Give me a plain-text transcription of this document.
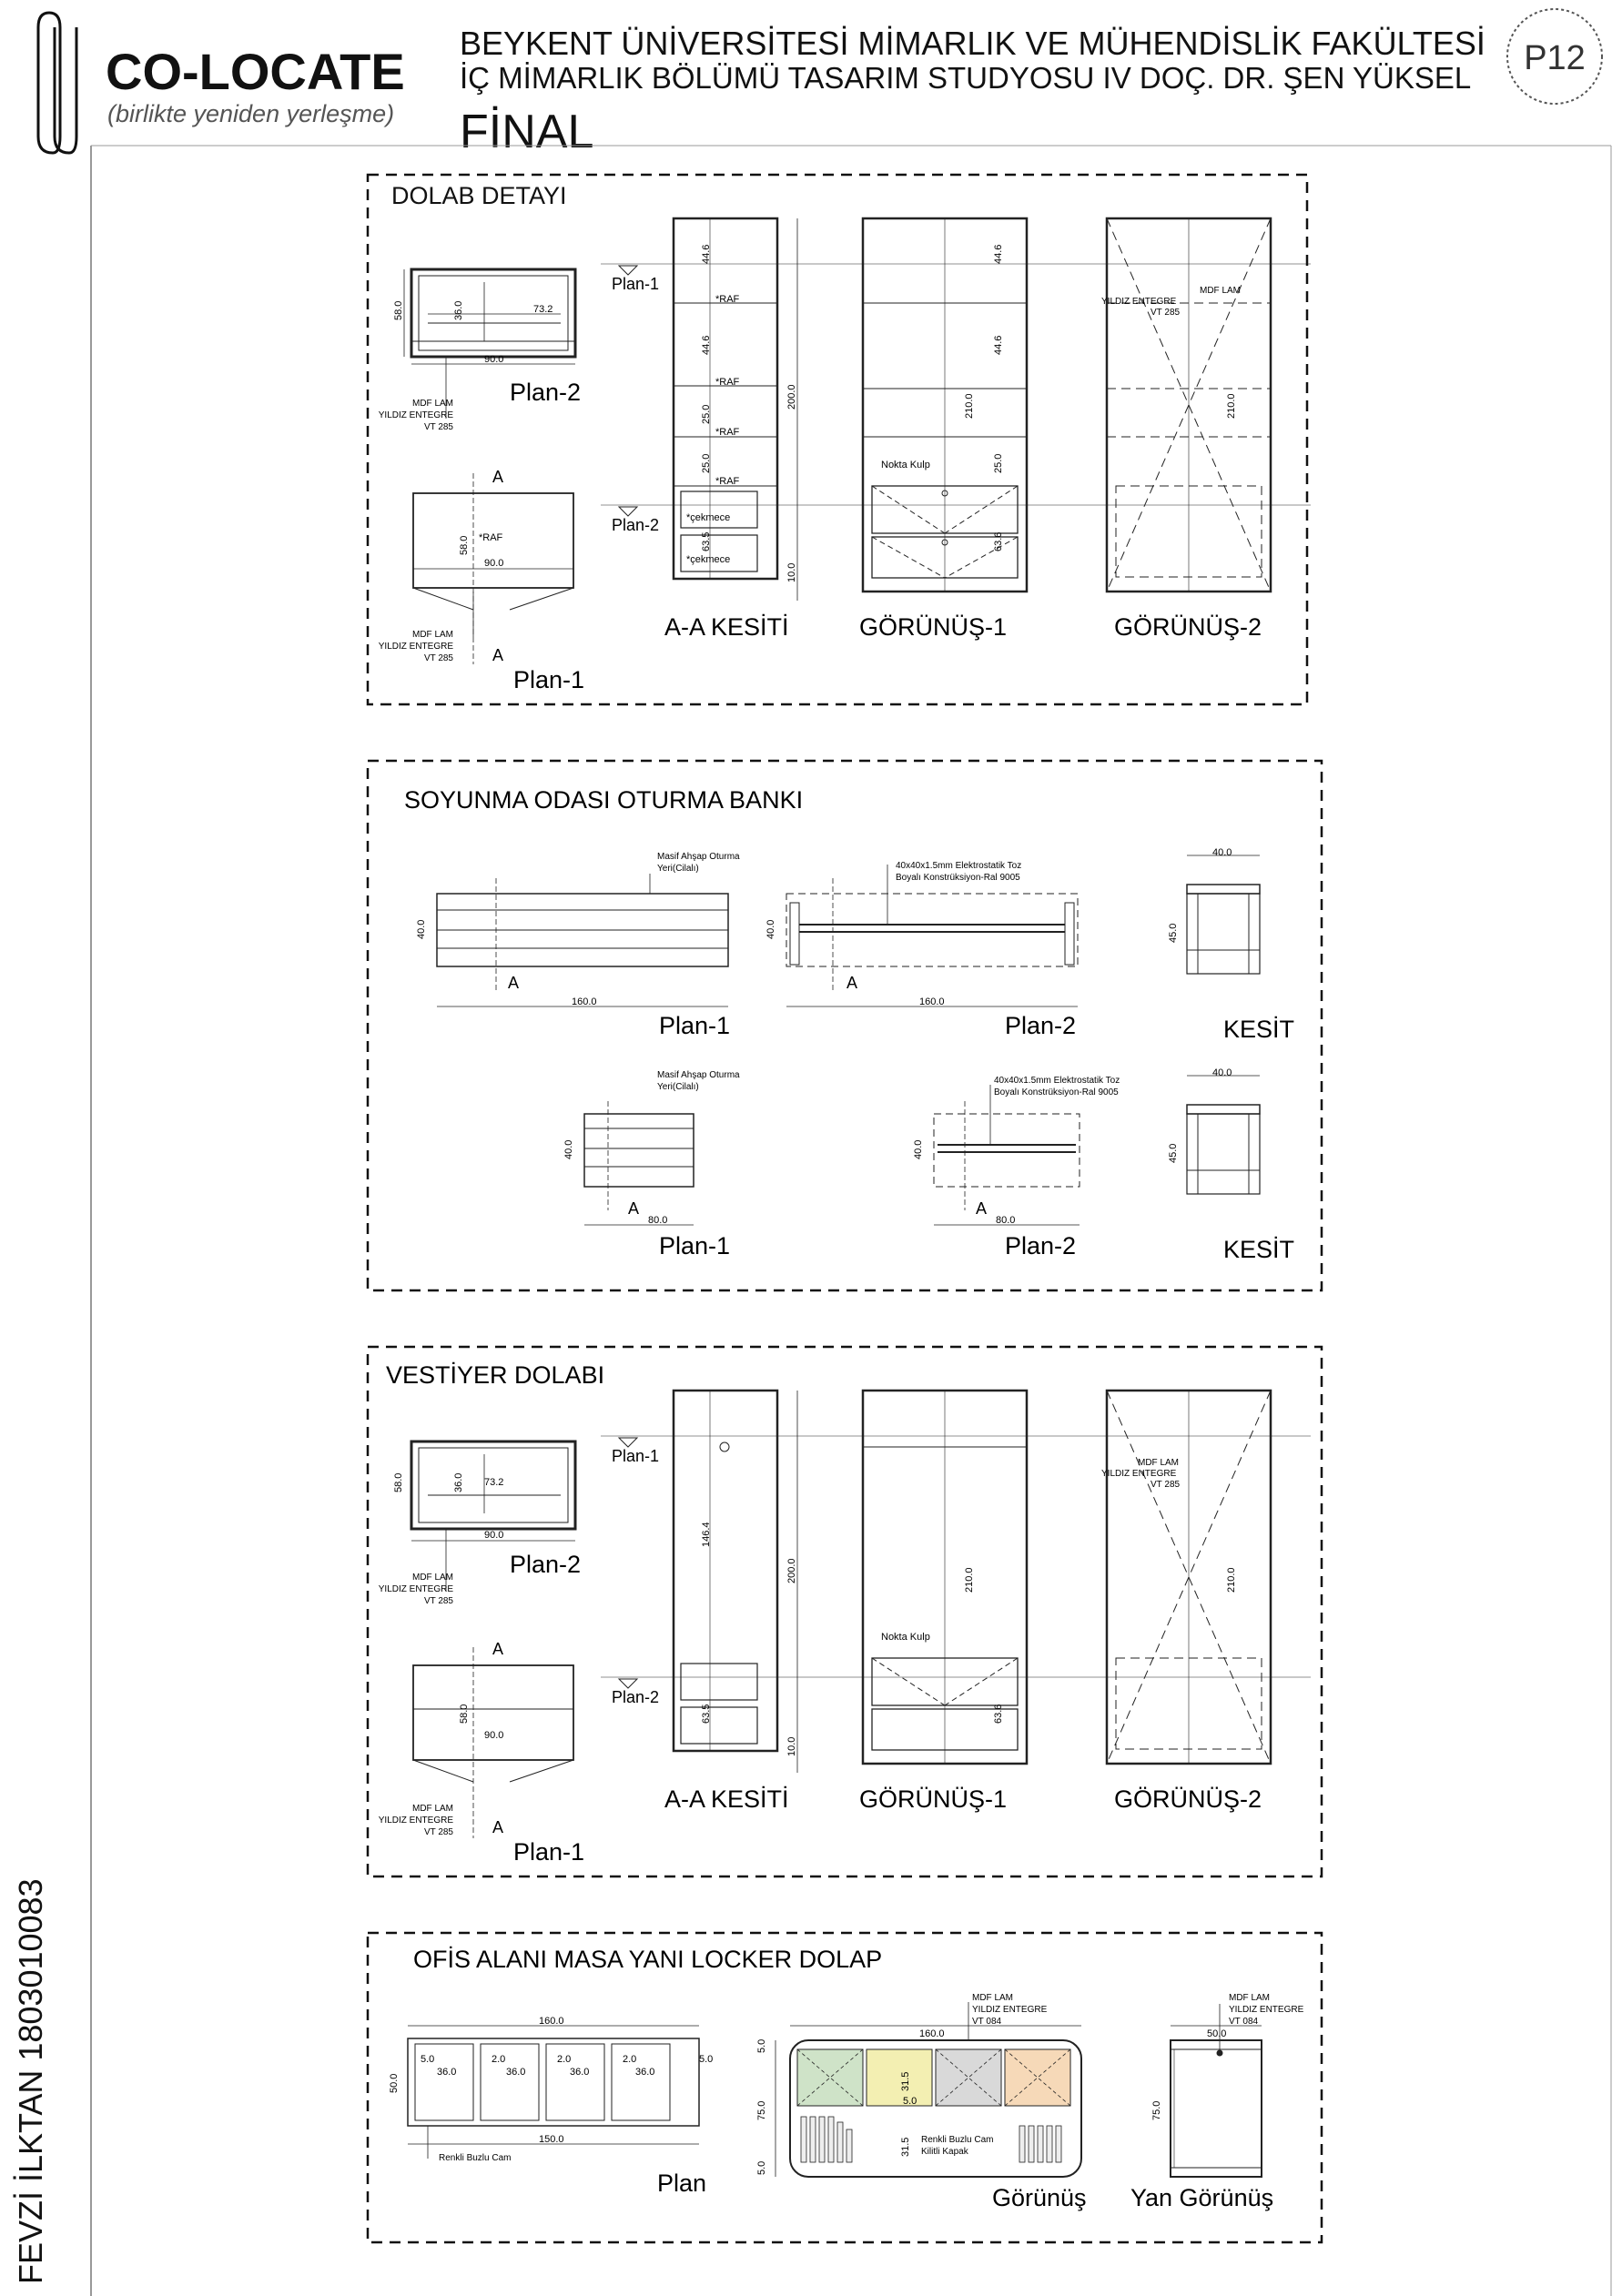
CO-LOCATE
(birlikte yeniden yerleşme)
BEYKENT ÜNİVERSİTESİ MİMARLIK VE MÜHENDİSLİK FAKÜLTESİ
İÇ MİMARLIK BÖLÜMÜ TASARIM STUDYOSU IV DOÇ. DR. ŞEN YÜKSEL
FİNAL
P12
FEVZİ İLKTAN 1803010083
DOLAB DETAYI
58.0	36.0	73.2
90.0
MDF LAM
YILDIZ ENTEGRE
VT 285
Plan-2
*RAF
58.0
90.0
A
A
MDF LAM
YILDIZ ENTEGRE
VT 285
Plan-1
Plan-1
Plan-2
*RAF
*RAF
*RAF
*RAF
*çekmece
*çekmece
44.6
44.6
25.0
25.0
63.5
200.0
10.0
A-A KESİTİ
Nokta Kulp
44.6
44.6
210.0
25.0
63.6
GÖRÜNÜŞ-1
MDF LAM
YILDIZ ENTEGRE
VT 285
210.0
GÖRÜNÜŞ-2
SOYUNMA ODASI OTURMA BANKI
Masif Ahşap Oturma
Yeri(Cilalı)
40.0
160.0
A
Plan-1
40x40x1.5mm Elektrostatik Toz
Boyalı Konstrüksiyon-Ral 9005
40.0
160.0
A
Plan-2
40.0
45.0
KESİT
Masif Ahşap Oturma
Yeri(Cilalı)
40.0
80.0
A
Plan-1
40x40x1.5mm Elektrostatik Toz
Boyalı Konstrüksiyon-Ral 9005
40.0
80.0
A
Plan-2
40.0
45.0
KESİT
VESTİYER DOLABI
58.0	36.0 73.2
90.0
MDF LAM
YILDIZ ENTEGRE
VT 285
Plan-2
58.0
90.0
A
A
MDF LAM
YILDIZ ENTEGRE
VT 285
Plan-1
Plan-1
Plan-2
146.4
63.5
200.0
10.0
A-A KESİTİ
Nokta Kulp
210.0
63.6
GÖRÜNÜŞ-1
MDF LAM
YILDIZ ENTEGRE
VT 285
210.0
GÖRÜNÜŞ-2
OFİS ALANI MASA YANI LOCKER DOLAP
160.0
50.0
5.0
36.0
2.0
36.0
2.0
36.0
2.0
36.0
5.0
150.0
Renkli Buzlu Cam
Plan
MDF LAM
YILDIZ ENTEGRE
VT 084
160.0
75.0
5.0
5.0
31.5
31.5
5.0
Renkli Buzlu Cam
Kilitli Kapak
Görünüş
MDF LAM
YILDIZ ENTEGRE
VT 084
50.0
75.0
Yan Görünüş
